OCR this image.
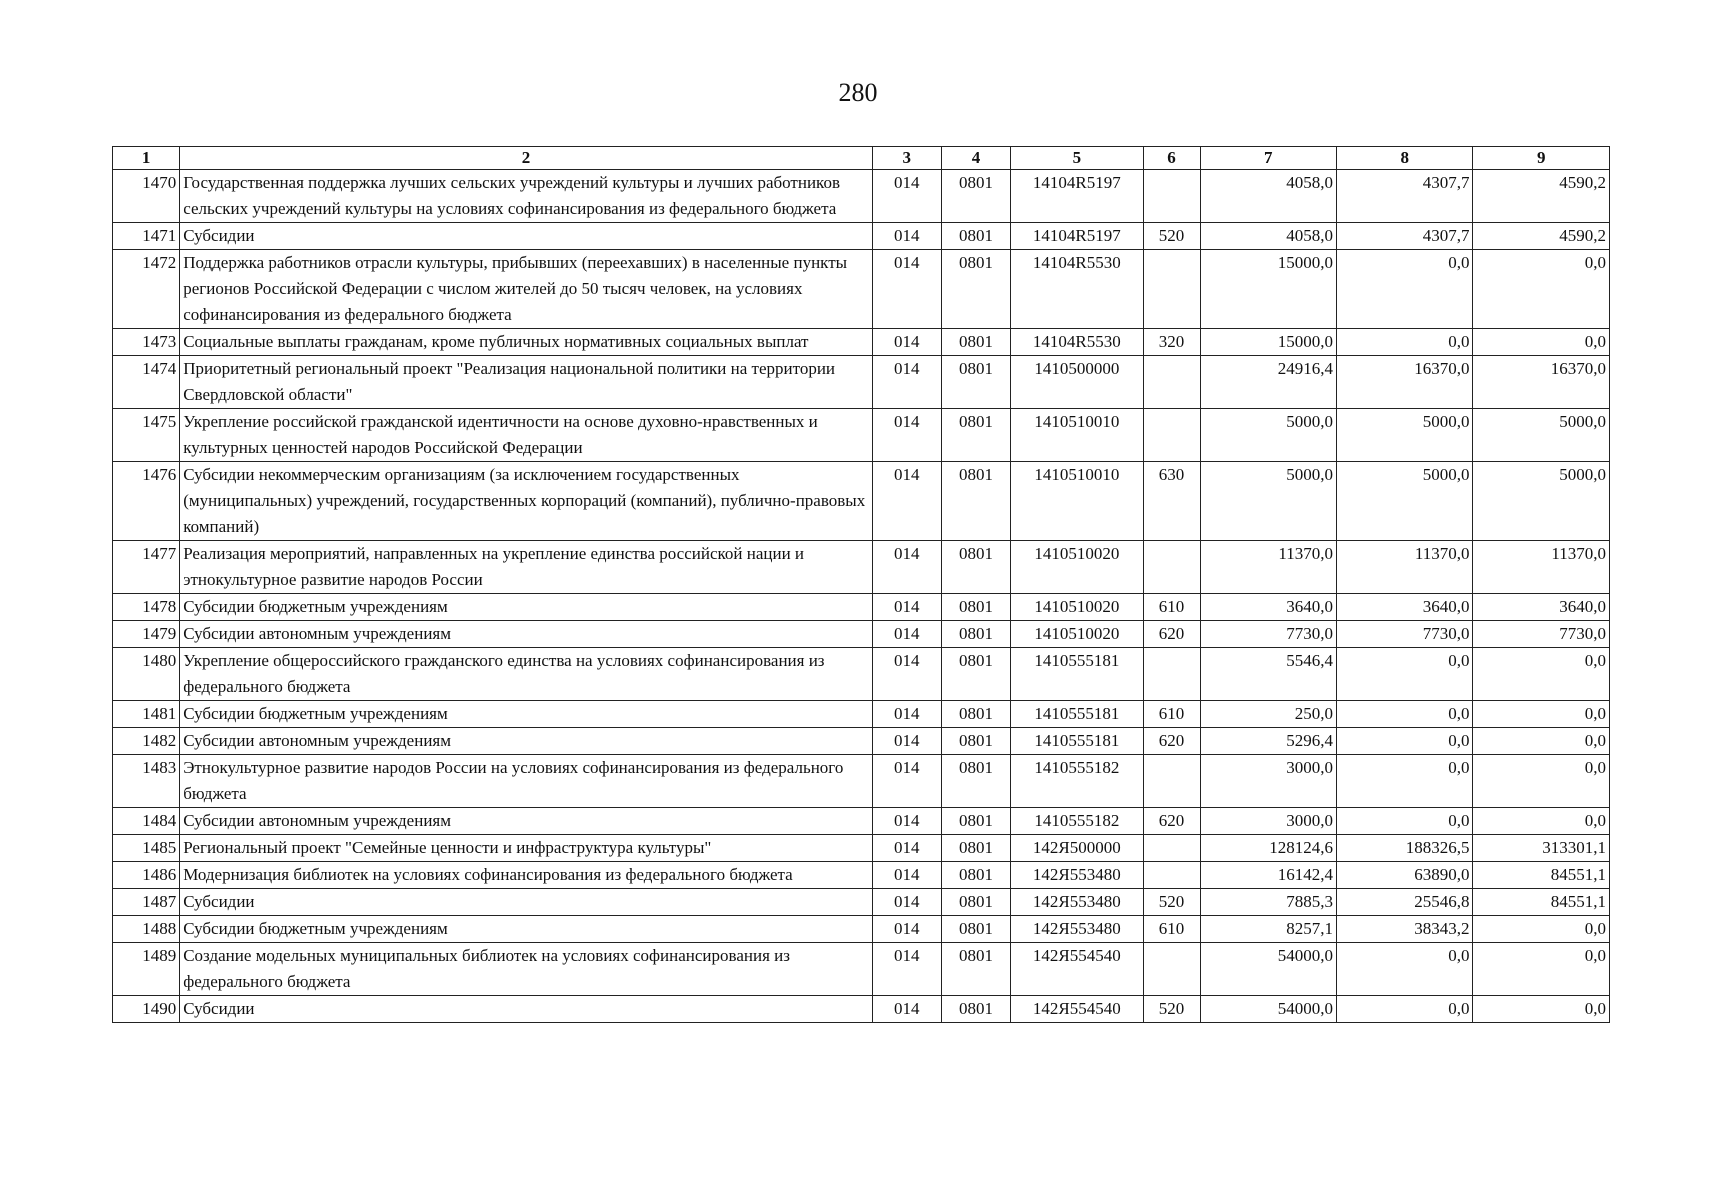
280
1	2	3	4	5	6	7	8	9
1470	Государственная поддержка лучших сельских учреждений культуры и лучших работников сельских учреждений культуры на условиях софинансирования из федерального бюджета	014	0801	14104R5197		4058,0	4307,7	4590,2
1471	Субсидии	014	0801	14104R5197	520	4058,0	4307,7	4590,2
1472	Поддержка работников отрасли культуры, прибывших (переехавших) в населенные пункты регионов Российской Федерации с числом жителей до 50 тысяч человек, на условиях софинансирования из федерального бюджета	014	0801	14104R5530		15000,0	0,0	0,0
1473	Социальные выплаты гражданам, кроме публичных нормативных социальных выплат	014	0801	14104R5530	320	15000,0	0,0	0,0
1474	Приоритетный региональный проект "Реализация национальной политики на территории Свердловской области"	014	0801	1410500000		24916,4	16370,0	16370,0
1475	Укрепление российской гражданской идентичности на основе духовно-нравственных и культурных ценностей народов Российской Федерации	014	0801	1410510010		5000,0	5000,0	5000,0
1476	Субсидии некоммерческим организациям (за исключением государственных (муниципальных) учреждений, государственных корпораций (компаний), публично-правовых компаний)	014	0801	1410510010	630	5000,0	5000,0	5000,0
1477	Реализация мероприятий, направленных на укрепление единства российской нации и этнокультурное развитие народов России	014	0801	1410510020		11370,0	11370,0	11370,0
1478	Субсидии бюджетным учреждениям	014	0801	1410510020	610	3640,0	3640,0	3640,0
1479	Субсидии автономным учреждениям	014	0801	1410510020	620	7730,0	7730,0	7730,0
1480	Укрепление общероссийского гражданского единства на условиях софинансирования из федерального бюджета	014	0801	1410555181		5546,4	0,0	0,0
1481	Субсидии бюджетным учреждениям	014	0801	1410555181	610	250,0	0,0	0,0
1482	Субсидии автономным учреждениям	014	0801	1410555181	620	5296,4	0,0	0,0
1483	Этнокультурное развитие народов России на условиях софинансирования из федерального бюджета	014	0801	1410555182		3000,0	0,0	0,0
1484	Субсидии автономным учреждениям	014	0801	1410555182	620	3000,0	0,0	0,0
1485	Региональный проект "Семейные ценности и инфраструктура культуры"	014	0801	142Я500000		128124,6	188326,5	313301,1
1486	Модернизация библиотек на условиях софинансирования из федерального бюджета	014	0801	142Я553480		16142,4	63890,0	84551,1
1487	Субсидии	014	0801	142Я553480	520	7885,3	25546,8	84551,1
1488	Субсидии бюджетным учреждениям	014	0801	142Я553480	610	8257,1	38343,2	0,0
1489	Создание модельных муниципальных библиотек на условиях софинансирования из федерального бюджета	014	0801	142Я554540		54000,0	0,0	0,0
1490	Субсидии	014	0801	142Я554540	520	54000,0	0,0	0,0
